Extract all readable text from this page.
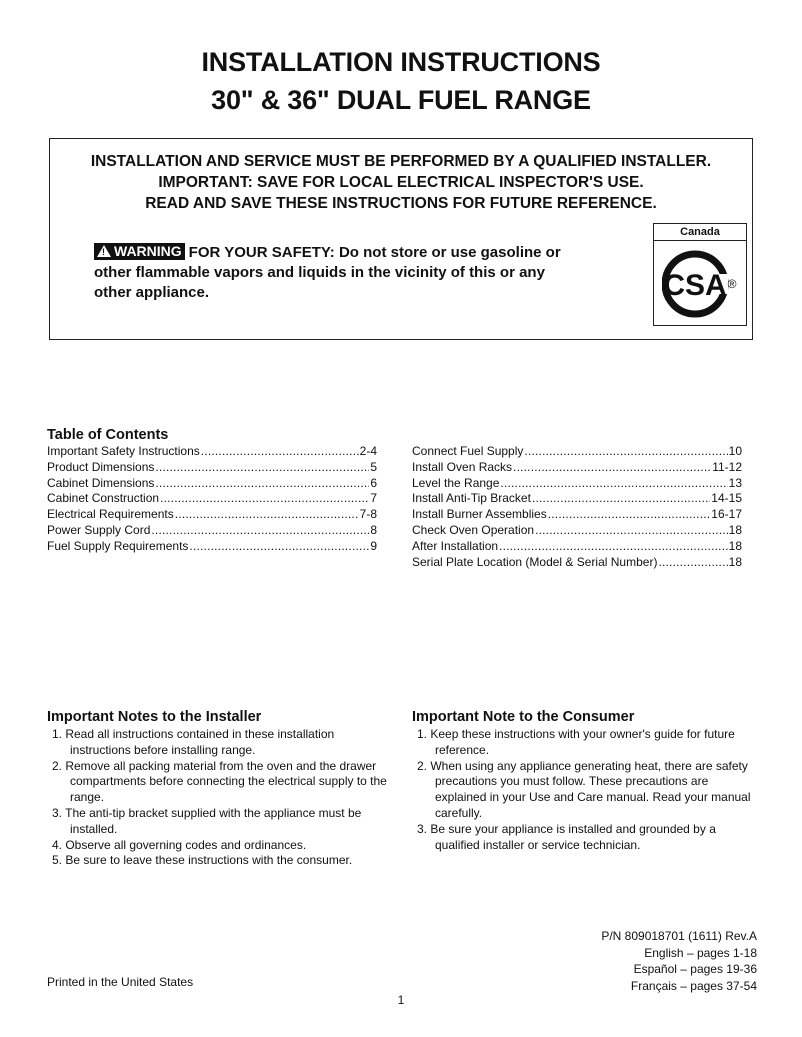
INSTALLATION INSTRUCTIONS
30" & 36" DUAL FUEL RANGE
INSTALLATION AND SERVICE MUST BE PERFORMED BY A QUALIFIED INSTALLER.
IMPORTANT: SAVE FOR LOCAL ELECTRICAL INSPECTOR'S USE.
READ AND SAVE THESE INSTRUCTIONS FOR FUTURE REFERENCE.
! WARNING FOR YOUR SAFETY: Do not store or use gasoline or
other flammable vapors and liquids in the vicinity of this or any
other appliance.
Canada
CSA ®
Table of Contents
Important Safety Instructions .....	2-4
Product Dimensions .....	5
Cabinet Dimensions .....	6
Cabinet Construction .....	7
Electrical Requirements .....	7-8
Power Supply Cord .....	8
Fuel Supply Requirements .....	9
Connect Fuel Supply .....	10
Install Oven Racks .....	11-12
Level the Range .....	13
Install Anti-Tip Bracket .....	14-15
Install Burner Assemblies .....	16-17
Check Oven Operation .....	18
After Installation .....	18
Serial Plate Location (Model & Serial Number) .....	18
Important Notes to the Installer
1. Read all instructions contained in these installation instructions before installing range.
2. Remove all packing material from the oven and the drawer compartments before connecting the electrical supply to the range.
3. The anti-tip bracket supplied with the appliance must be installed.
4. Observe all governing codes and ordinances.
5. Be sure to leave these instructions with the consumer.
Important Note to the Consumer
1. Keep these instructions with your owner's guide for future reference.
2. When using any appliance generating heat, there are safety precautions you must follow. These precautions are explained in your Use and Care manual. Read your manual carefully.
3. Be sure your appliance is installed and grounded by a qualified installer or service technician.
P/N 809018701 (1611) Rev.A
English – pages 1-18
Español – pages 19-36
Français – pages 37-54
Printed in the United States
1
